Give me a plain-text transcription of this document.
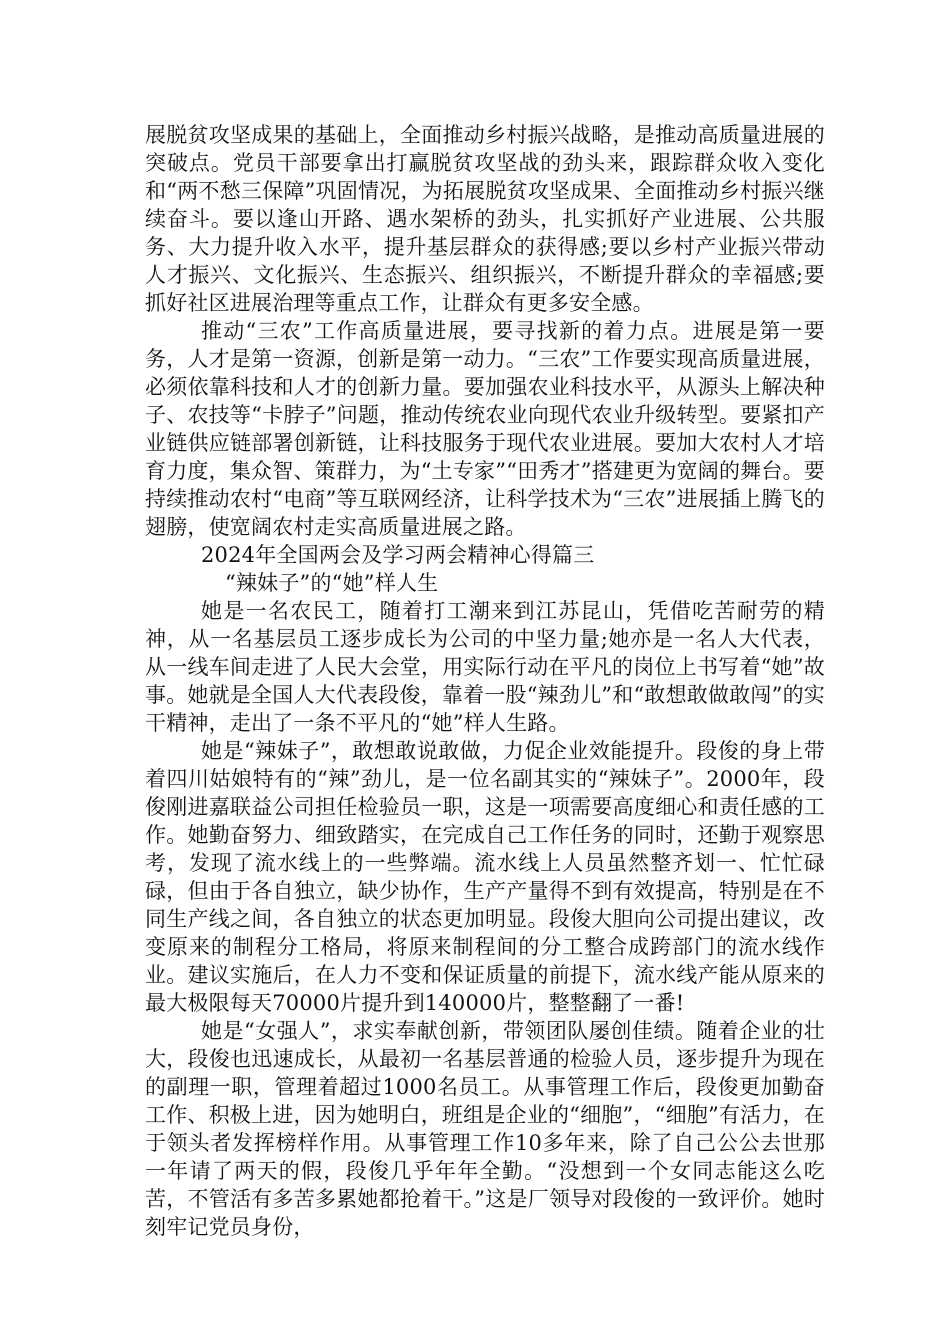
展脱贫攻坚成果的基础上，全面推动乡村振兴战略，是推动高质量进展的突破点。党员干部要拿出打赢脱贫攻坚战的劲头来，跟踪群众收入变化和“两不愁三保障”巩固情况，为拓展脱贫攻坚成果、全面推动乡村振兴继续奋斗。要以逢山开路、遇水架桥的劲头，扎实抓好产业进展、公共服务、大力提升收入水平，提升基层群众的获得感;要以乡村产业振兴带动人才振兴、文化振兴、生态振兴、组织振兴，不断提升群众的幸福感;要抓好社区进展治理等重点工作，让群众有更多安全感。

推动“三农”工作高质量进展，要寻找新的着力点。进展是第一要务，人才是第一资源，创新是第一动力。“三农”工作要实现高质量进展，必须依靠科技和人才的创新力量。要加强农业科技水平，从源头上解决种子、农技等“卡脖子”问题，推动传统农业向现代农业升级转型。要紧扣产业链供应链部署创新链，让科技服务于现代农业进展。要加大农村人才培育力度，集众智、策群力，为“土专家”“田秀才”搭建更为宽阔的舞台。要持续推动农村“电商”等互联网经济，让科学技术为“三农”进展插上腾飞的翅膀，使宽阔农村走实高质量进展之路。

2024年全国两会及学习两会精神心得篇三

“辣妹子”的“她”样人生

她是一名农民工，随着打工潮来到江苏昆山，凭借吃苦耐劳的精神，从一名基层员工逐步成长为公司的中坚力量;她亦是一名人大代表，从一线车间走进了人民大会堂，用实际行动在平凡的岗位上书写着“她”故事。她就是全国人大代表段俊，靠着一股“辣劲儿”和“敢想敢做敢闯”的实干精神，走出了一条不平凡的“她”样人生路。

她是“辣妹子”，敢想敢说敢做，力促企业效能提升。段俊的身上带着四川姑娘特有的“辣”劲儿，是一位名副其实的“辣妹子”。2000年，段俊刚进嘉联益公司担任检验员一职，这是一项需要高度细心和责任感的工作。她勤奋努力、细致踏实，在完成自己工作任务的同时，还勤于观察思考，发现了流水线上的一些弊端。流水线上人员虽然整齐划一、忙忙碌碌，但由于各自独立，缺少协作，生产产量得不到有效提高，特别是在不同生产线之间，各自独立的状态更加明显。段俊大胆向公司提出建议，改变原来的制程分工格局，将原来制程间的分工整合成跨部门的流水线作业。建议实施后，在人力不变和保证质量的前提下，流水线产能从原来的最大极限每天70000片提升到140000片，整整翻了一番!

她是“女强人”，求实奉献创新，带领团队屡创佳绩。随着企业的壮大，段俊也迅速成长，从最初一名基层普通的检验人员，逐步提升为现在的副理一职，管理着超过1000名员工。从事管理工作后，段俊更加勤奋工作、积极上进，因为她明白，班组是企业的“细胞”，“细胞”有活力，在于领头者发挥榜样作用。从事管理工作10多年来，除了自己公公去世那一年请了两天的假，段俊几乎年年全勤。“没想到一个女同志能这么吃苦，不管活有多苦多累她都抢着干。”这是厂领导对段俊的一致评价。她时刻牢记党员身份，
